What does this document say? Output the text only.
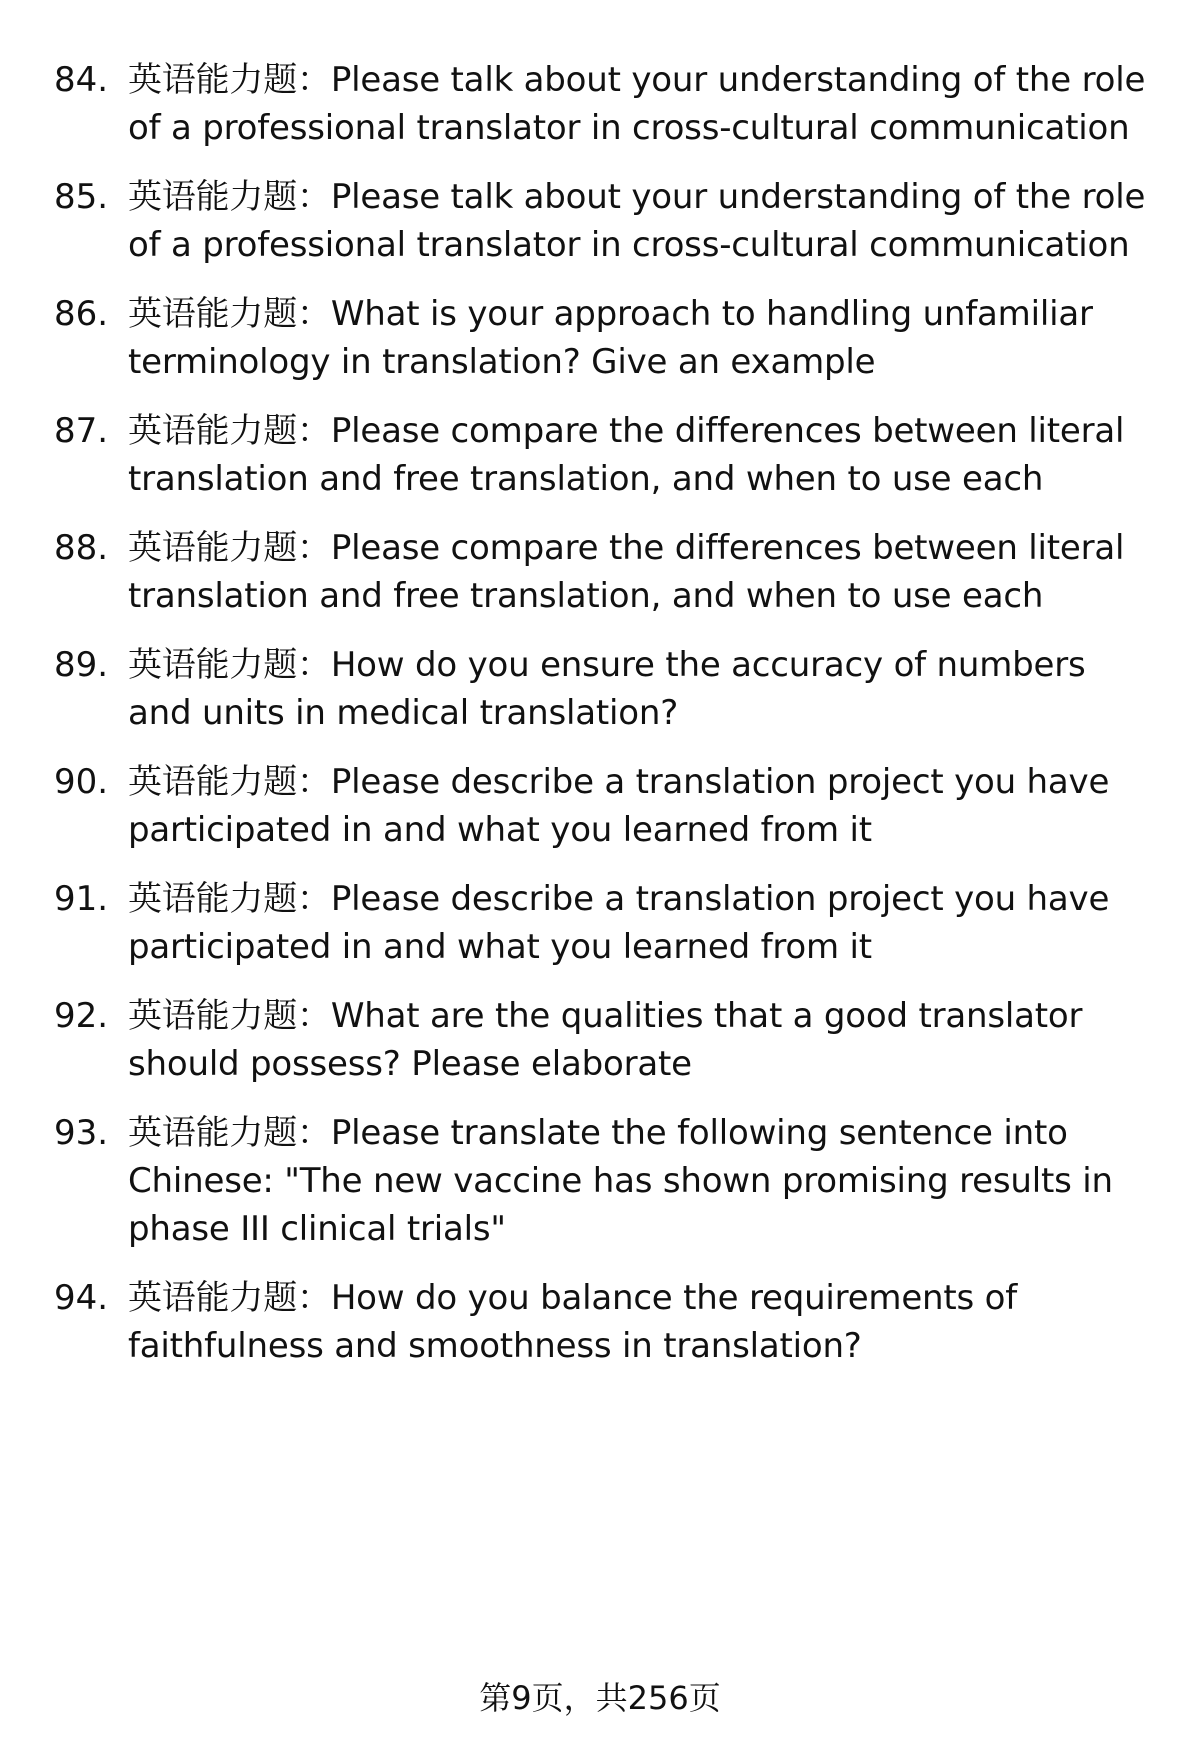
84. 英语能力题：Please talk about your understanding of the role of a professional translator in cross-cultural communication
85. 英语能力题：Please talk about your understanding of the role of a professional translator in cross-cultural communication
86. 英语能力题：What is your approach to handling unfamiliar terminology in translation? Give an example
87. 英语能力题：Please compare the differences between literal translation and free translation, and when to use each
88. 英语能力题：Please compare the differences between literal translation and free translation, and when to use each
89. 英语能力题：How do you ensure the accuracy of numbers and units in medical translation?
90. 英语能力题：Please describe a translation project you have participated in and what you learned from it
91. 英语能力题：Please describe a translation project you have participated in and what you learned from it
92. 英语能力题：What are the qualities that a good translator should possess? Please elaborate
93. 英语能力题：Please translate the following sentence into Chinese: "The new vaccine has shown promising results in phase III clinical trials"
94. 英语能力题：How do you balance the requirements of faithfulness and smoothness in translation?
第9页，共256页
